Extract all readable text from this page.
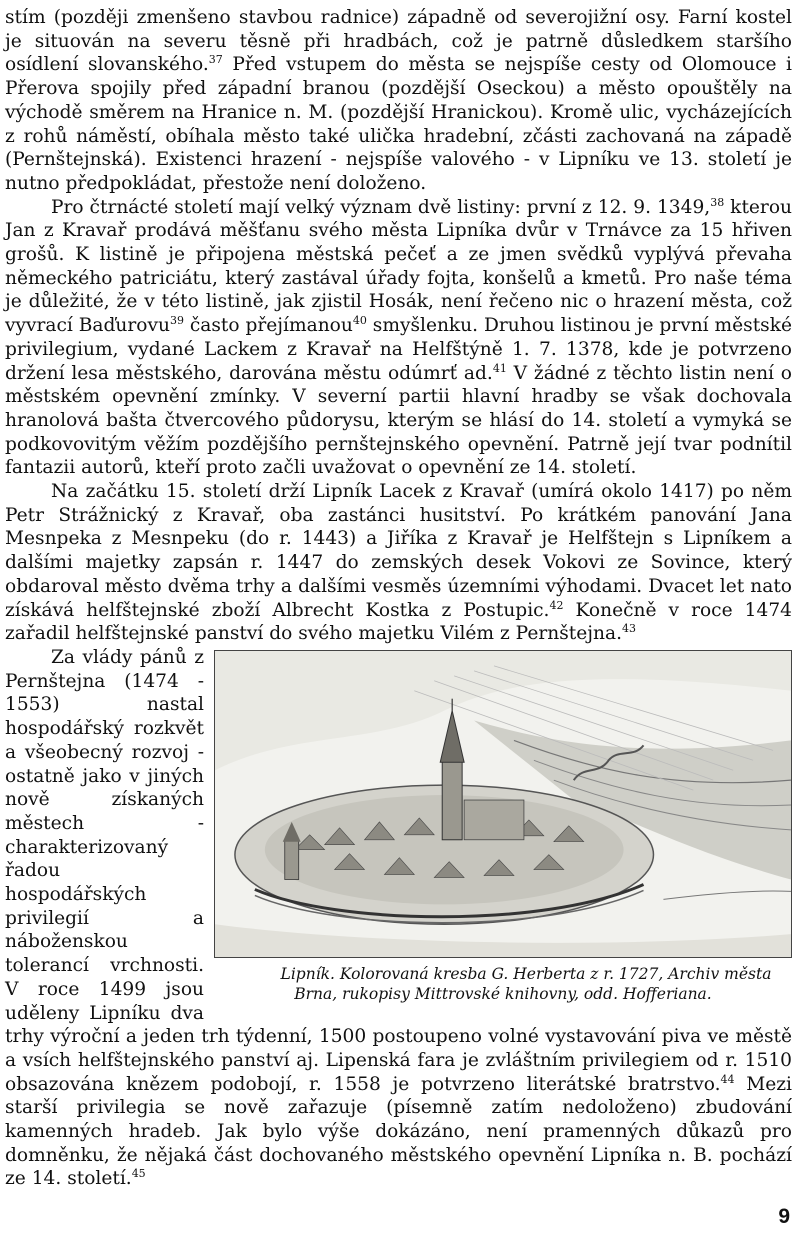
stím (později zmenšeno stavbou radnice) západně od severojižní osy. Farní kostel je situován na severu těsně při hradbách, což je patrně důsledkem staršího osídlení slovanského.$^{37}$ Před vstupem do města se nejspíše cesty od Olomouce i Přerova spojily před západní branou (pozdější Oseckou) a město opouštěly na východě směrem na Hranice n. M. (pozdější Hranickou). Kromě ulic, vycházejících z rohů náměstí, obíhala město také ulička hradební, zčásti zachovaná na západě (Pernštejnská). Existenci hrazení - nejspíše valového - v Lipníku ve 13. století je nutno předpokládat, přestože není doloženo.

Pro čtrnácté století mají velký význam dvě listiny: první z 12. 9. 1349,38 kterou Jan z Kravař prodává měšťanu svého města Lipníka dvůr v Trnávce za 15 hřiven grošů. K listině je připojena městská pečeť a ze jmen svědků vyplývá převaha německého patriciátu, který zastával úřady fojta, konšelů a kmetů. Pro naše téma je důležité, že v této listině, jak zjistil Hosák, není řečeno nic o hrazení města, což vyvrací Baďurovu$^{39}$ často přejímanou$^{40}$ smyšlenku. Druhou listinou je první městské privilegium, vydané Lackem z Kravař na Helfštýně 1. 7. 1378, kde je potvrzeno držení lesa městského, darována městu odúmrť ad.$^{41}$ V žádné z těchto listin není o městském opevnění zmínky. V severní partii hlavní hradby se však dochovala hranolová bašta čtvercového půdorysu, kterým se hlásí do 14. století a vymyká se podkovovitým věžím pozdějšího pernštejnského opevnění. Patrně její tvar podnítil fantazii autorů, kteří proto začli uvažovat o opevnění ze 14. století.

Na začátku 15. století drží Lipník Lacek z Kravař (umírá okolo 1417) po něm Petr Strážnický z Kravař, oba zastánci husitství. Po krátkém panování Jana Mesnpeka z Mesnpeku (do r. 1443) a Jiříka z Kravař je Helfštejn s Lipníkem a dalšími majetky zapsán r. 1447 do zemských desek Vokovi ze Sovince, který obdaroval město dvěma trhy a dalšími vesměs územními výhodami. Dvacet let nato získává helfštejnské zboží Albrecht Kostka z Postupic.$^{42}$ Konečně v roce 1474 zařadil helfštejnské panství do svého majetku Vilém z Pernštejna.$^{43}$

Lipník. Kolorovaná kresba G. Herberta z r. 1727, Archiv města
Brna, rukopisy Mittrovské knihovny, odd. Hofferiana.
Za vlády pánů z Pernštejna (1474 - 1553) nastal hospodářský rozkvět a všeobecný rozvoj - ostatně jako v jiných nově získaných městech - charakterizovaný řadou hospodářských privilegií a náboženskou tolerancí vrchnosti. V roce 1499 jsou uděleny Lipníku dva trhy výroční a jeden trh týdenní, 1500 postoupeno volné vystavování piva ve městě a vsích helfštejnského panství aj. Lipenská fara je zvláštním privilegiem od r. 1510 obsazována knězem podobojí, r. 1558 je potvrzeno literátské bratrstvo.$^{44}$ Mezi starší privilegia se nově zařazuje (písemně zatím nedoloženo) zbudování kamenných hradeb. Jak bylo výše dokázáno, není pramenných důkazů pro domněnku, že nějaká část dochovaného městského opevnění Lipníka n. B. pochází ze 14. století.$^{45}$

9
